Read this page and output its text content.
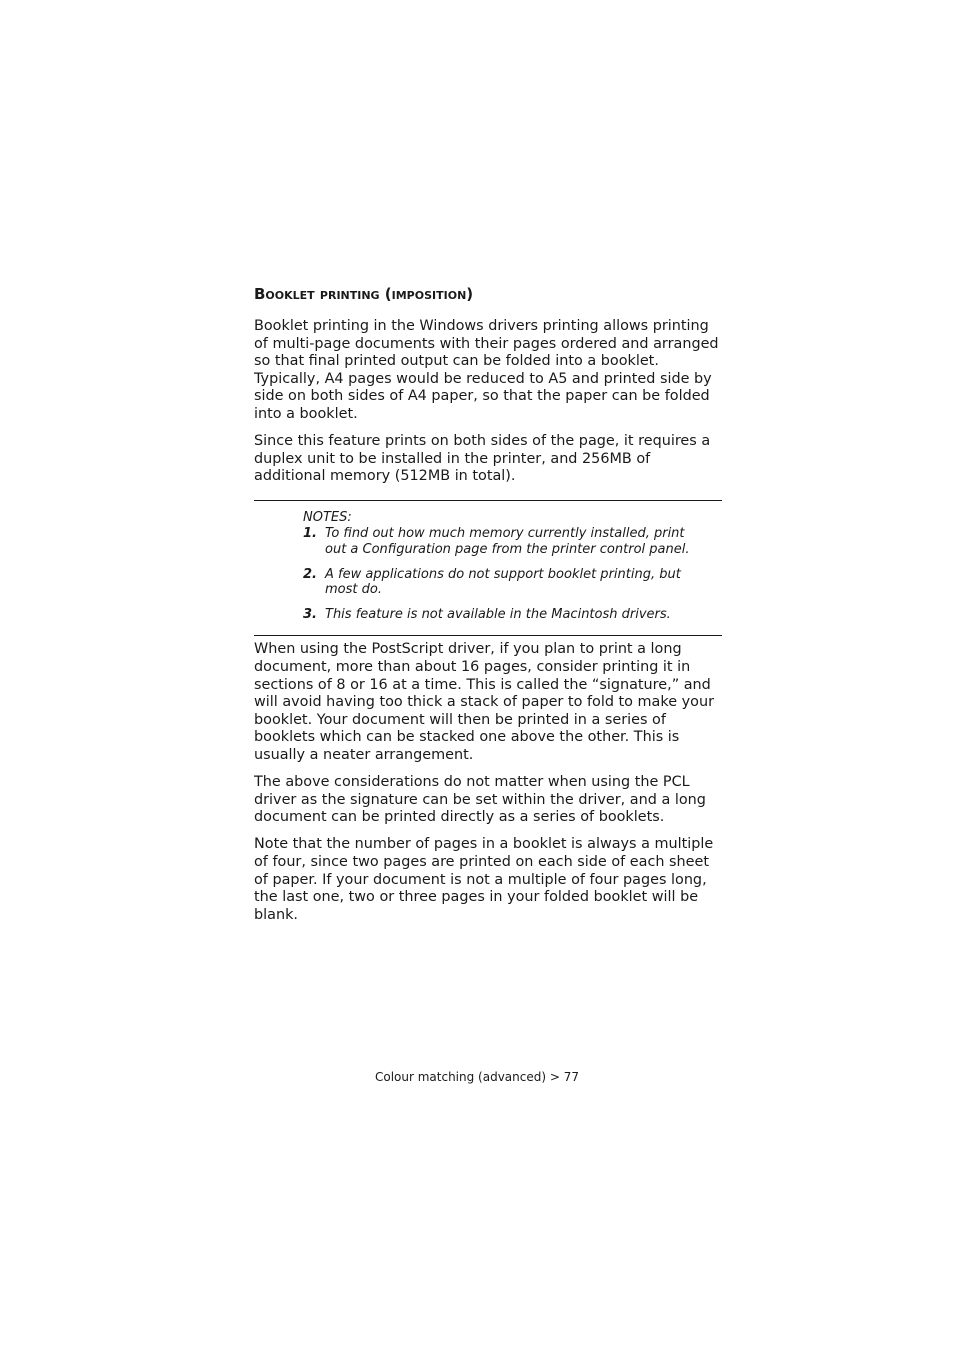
Booklet printing (imposition)

Booklet printing in the Windows drivers printing allows printing of multi-page documents with their pages ordered and arranged so that final printed output can be folded into a booklet. Typically, A4 pages would be reduced to A5 and printed side by side on both sides of A4 paper, so that the paper can be folded into a booklet.

Since this feature prints on both sides of the page, it requires a duplex unit to be installed in the printer, and 256MB of additional memory (512MB in total).

NOTES:
1. To find out how much memory currently installed, print out a Configuration page from the printer control panel.
2. A few applications do not support booklet printing, but most do.
3. This feature is not available in the Macintosh drivers.

When using the PostScript driver, if you plan to print a long document, more than about 16 pages, consider printing it in sections of 8 or 16 at a time. This is called the “signature,” and will avoid having too thick a stack of paper to fold to make your booklet. Your document will then be printed in a series of booklets which can be stacked one above the other. This is usually a neater arrangement.

The above considerations do not matter when using the PCL driver as the signature can be set within the driver, and a long document can be printed directly as a series of booklets.

Note that the number of pages in a booklet is always a multiple of four, since two pages are printed on each side of each sheet of paper. If your document is not a multiple of four pages long, the last one, two or three pages in your folded booklet will be blank.

Colour matching (advanced) > 77
